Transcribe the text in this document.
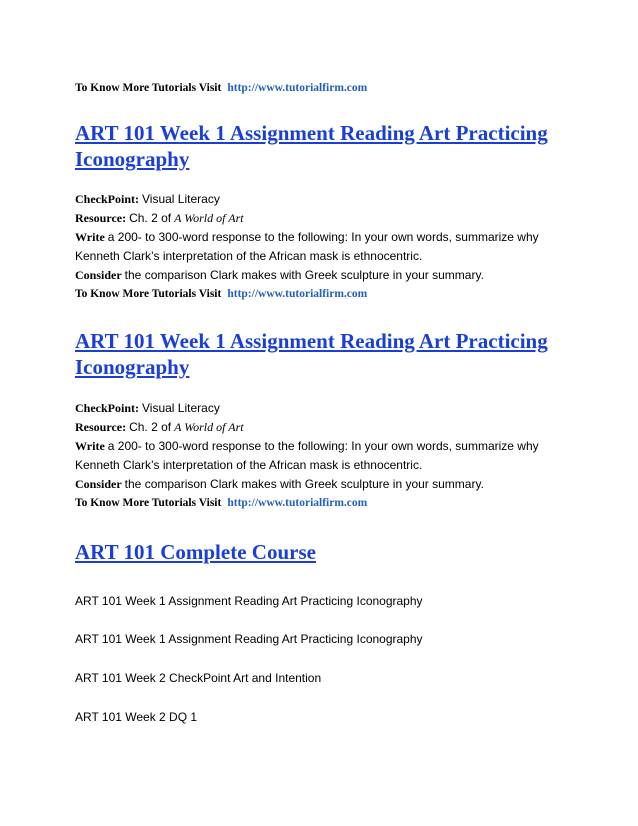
To Know More Tutorials Visit http://www.tutorialfirm.com
ART 101 Week 1 Assignment Reading Art Practicing Iconography
CheckPoint: Visual Literacy
Resource: Ch. 2 of A World of Art
Write a 200- to 300-word response to the following: In your own words, summarize why
Kenneth Clark’s interpretation of the African mask is ethnocentric.
Consider the comparison Clark makes with Greek sculpture in your summary.
To Know More Tutorials Visit http://www.tutorialfirm.com
ART 101 Week 1 Assignment Reading Art Practicing Iconography
CheckPoint: Visual Literacy
Resource: Ch. 2 of A World of Art
Write a 200- to 300-word response to the following: In your own words, summarize why
Kenneth Clark’s interpretation of the African mask is ethnocentric.
Consider the comparison Clark makes with Greek sculpture in your summary.
To Know More Tutorials Visit http://www.tutorialfirm.com
ART 101 Complete Course
ART 101 Week 1 Assignment Reading Art Practicing Iconography
ART 101 Week 1 Assignment Reading Art Practicing Iconography
ART 101 Week 2 CheckPoint Art and Intention
ART 101 Week 2 DQ 1
